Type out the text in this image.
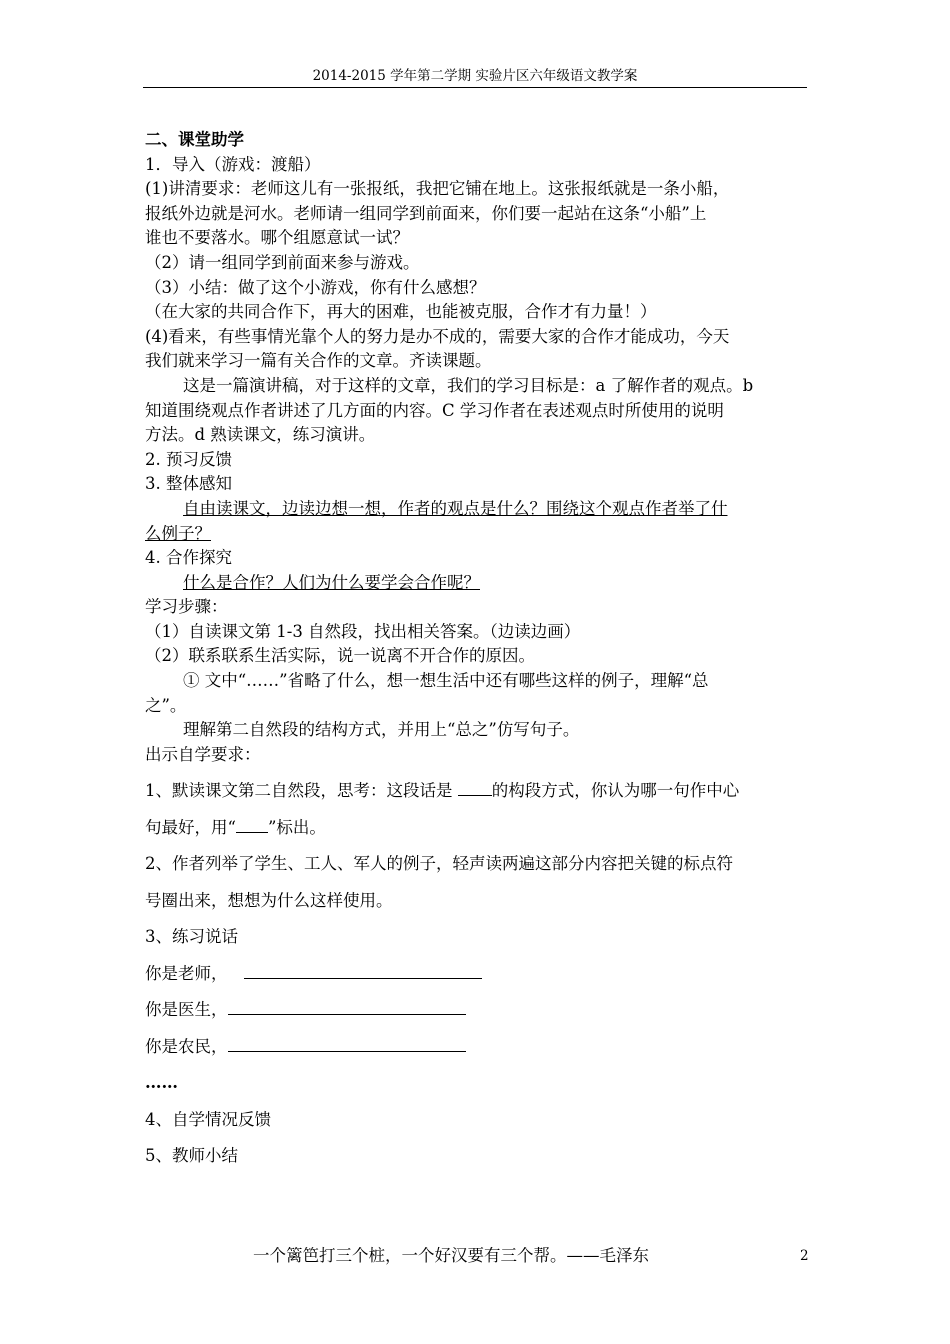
2014-2015 学年第二学期 实验片区六年级语文教学案

二、课堂助学

1．导入（游戏：渡船）

(1)讲清要求：老师这儿有一张报纸，我把它铺在地上。这张报纸就是一条小船，

报纸外边就是河水。老师请一组同学到前面来，你们要一起站在这条“小船”上

谁也不要落水。哪个组愿意试一试？

（2）请一组同学到前面来参与游戏。

（3）小结：做了这个小游戏，你有什么感想？

（在大家的共同合作下，再大的困难，也能被克服，合作才有力量！）

(4)看来，有些事情光靠个人的努力是办不成的，需要大家的合作才能成功，今天

我们就来学习一篇有关合作的文章。齐读课题。

这是一篇演讲稿，对于这样的文章，我们的学习目标是：a 了解作者的观点。b

知道围绕观点作者讲述了几方面的内容。C 学习作者在表述观点时所使用的说明

方法。d 熟读课文，练习演讲。

2. 预习反馈

3. 整体感知

自由读课文，边读边想一想，作者的观点是什么？围绕这个观点作者举了什

么例子？

4. 合作探究

什么是合作？人们为什么要学会合作呢？

学习步骤：

（1）自读课文第 1-3 自然段，找出相关答案。（边读边画）

（2）联系联系生活实际，说一说离不开合作的原因。

① 文中“……”省略了什么，想一想生活中还有哪些这样的例子，理解“总

之”。

理解第二自然段的结构方式，并用上“总之”仿写句子。

出示自学要求：

1、默读课文第二自然段，思考：这段话是 的构段方式，你认为哪一句作中心

句最好，用“ ”标出。

2、作者列举了学生、工人、军人的例子，轻声读两遍这部分内容把关键的标点符

号圈出来，想想为什么这样使用。

3、练习说话

你是老师，

你是医生，

你是农民，

……

4、自学情况反馈

5、教师小结

一个篱笆打三个桩，一个好汉要有三个帮。——毛泽东	2
